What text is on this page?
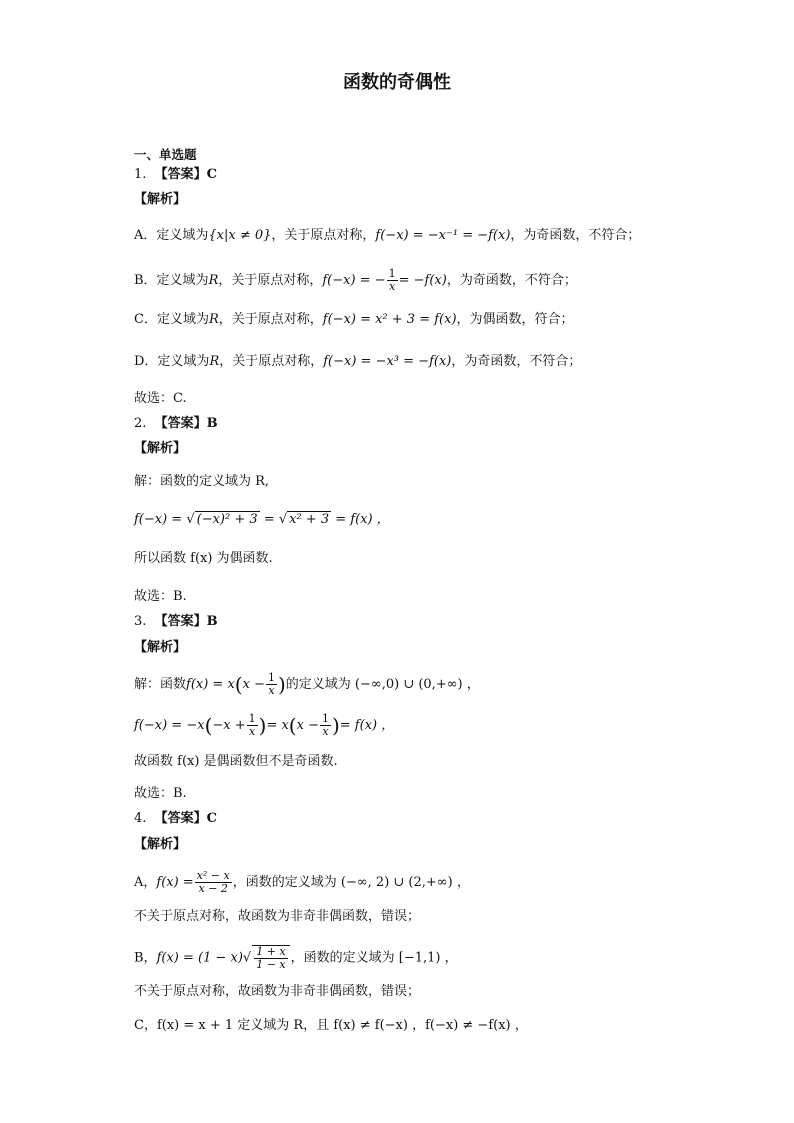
函数的奇偶性
一、单选题
1. 【答案】C
【解析】
A．定义域为{x|x ≠ 0}，关于原点对称，f(−x) = −x⁻¹ = −f(x)，为奇函数，不符合；
B．定义域为R，关于原点对称，f(−x) = − $\frac{1}{x} = -f(x)$，为奇函数，不符合；
C．定义域为R，关于原点对称，f(−x) = x² + 3 = f(x)，为偶函数，符合；
D．定义域为R，关于原点对称，f(−x) = −x³ = −f(x)，为奇函数，不符合；
故选：C.
2. 【答案】B
【解析】
解：函数的定义域为 R,
f(−x) = √ (−x)² + 3 = √ x² + 3 = f(x) ，
所以函数 f(x) 为偶函数.
故选：B.
3. 【答案】B
【解析】
解：函数$f(x) = x(x - \frac{1}{x}$ )的定义域为 (−∞,0) ∪ (0,+∞) ，
$f(-x) = -x(-x + \frac{1}{x}$ )= $x(x - \frac{1}{x}$ )= f(x) ，
故函数 f(x) 是偶函数但不是奇函数.
故选：B.
4. 【答案】C
【解析】
A，$f(x) = \frac{\text{x² − x}}{x - 2}$ ，函数的定义域为 (−∞, 2) ∪ (2,+∞) ，
不关于原点对称，故函数为非奇非偶函数，错误；
B，$f(x) = (1 - x)√ \frac{1 + x}{1 - x}$ ，函数的定义域为 [−1,1) ，
不关于原点对称，故函数为非奇非偶函数，错误；
C，f(x) = x + 1 定义域为 R，且 f(x) ≠ f(−x) ，f(−x) ≠ −f(x) ，
